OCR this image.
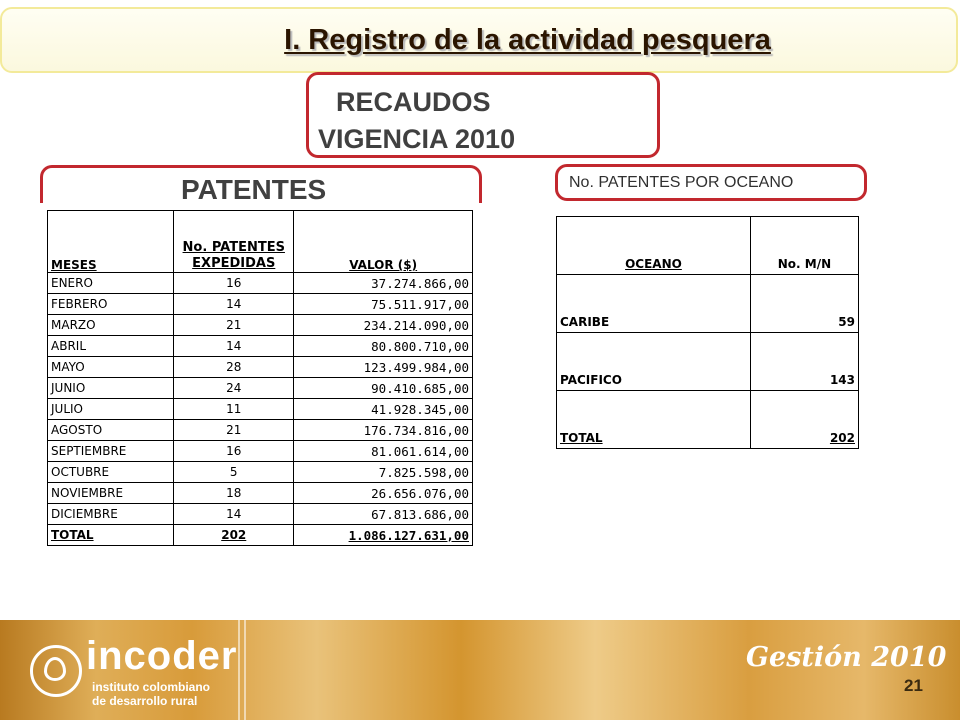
I. Registro de la actividad pesquera
RECAUDOS
VIGENCIA 2010
PATENTES	No. PATENTES POR OCEANO
MESES	No. PATENTES EXPEDIDAS	VALOR ($)
ENERO	16	37.274.866,00
FEBRERO	14	75.511.917,00
MARZO	21	234.214.090,00
ABRIL	14	80.800.710,00
MAYO	28	123.499.984,00
JUNIO	24	90.410.685,00
JULIO	11	41.928.345,00
AGOSTO	21	176.734.816,00
SEPTIEMBRE	16	81.061.614,00
OCTUBRE	5	7.825.598,00
NOVIEMBRE	18	26.656.076,00
DICIEMBRE	14	67.813.686,00
TOTAL	202	1.086.127.631,00
OCEANO	No. M/N
CARIBE	59
PACIFICO	143
TOTAL	202
incoder
instituto colombiano
de desarrollo rural
Gestión 2010
21
